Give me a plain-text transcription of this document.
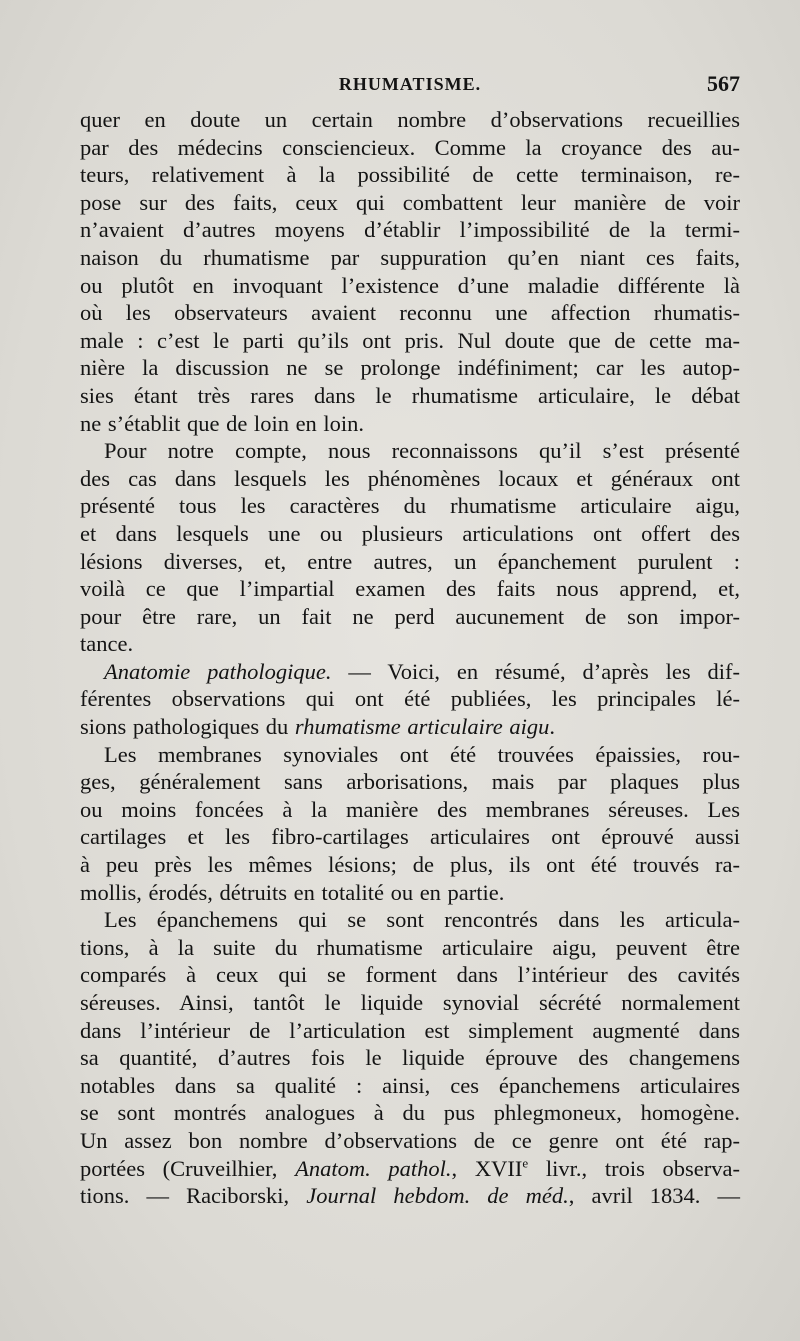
RHUMATISME.	567
quer en doute un certain nombre d’observations recueillies
par des médecins consciencieux. Comme la croyance des au-
teurs, relativement à la possibilité de cette terminaison, re-
pose sur des faits, ceux qui combattent leur manière de voir
n’avaient d’autres moyens d’établir l’impossibilité de la termi-
naison du rhumatisme par suppuration qu’en niant ces faits,
ou plutôt en invoquant l’existence d’une maladie différente là
où les observateurs avaient reconnu une affection rhumatis-
male : c’est le parti qu’ils ont pris. Nul doute que de cette ma-
nière la discussion ne se prolonge indéfiniment; car les autop-
sies étant très rares dans le rhumatisme articulaire, le débat
ne s’établit que de loin en loin.
Pour notre compte, nous reconnaissons qu’il s’est présenté
des cas dans lesquels les phénomènes locaux et généraux ont
présenté tous les caractères du rhumatisme articulaire aigu,
et dans lesquels une ou plusieurs articulations ont offert des
lésions diverses, et, entre autres, un épanchement purulent :
voilà ce que l’impartial examen des faits nous apprend, et,
pour être rare, un fait ne perd aucunement de son impor-
tance.
Anatomie pathologique. — Voici, en résumé, d’après les dif-
férentes observations qui ont été publiées, les principales lé-
sions pathologiques du rhumatisme articulaire aigu.
Les membranes synoviales ont été trouvées épaissies, rou-
ges, généralement sans arborisations, mais par plaques plus
ou moins foncées à la manière des membranes séreuses. Les
cartilages et les fibro-cartilages articulaires ont éprouvé aussi
à peu près les mêmes lésions; de plus, ils ont été trouvés ra-
mollis, érodés, détruits en totalité ou en partie.
Les épanchemens qui se sont rencontrés dans les articula-
tions, à la suite du rhumatisme articulaire aigu, peuvent être
comparés à ceux qui se forment dans l’intérieur des cavités
séreuses. Ainsi, tantôt le liquide synovial sécrété normalement
dans l’intérieur de l’articulation est simplement augmenté dans
sa quantité, d’autres fois le liquide éprouve des changemens
notables dans sa qualité : ainsi, ces épanchemens articulaires
se sont montrés analogues à du pus phlegmoneux, homogène.
Un assez bon nombre d’observations de ce genre ont été rap-
portées (Cruveilhier, Anatom. pathol., XVIIe livr., trois observa-
tions. — Raciborski, Journal hebdom. de méd., avril 1834. —
